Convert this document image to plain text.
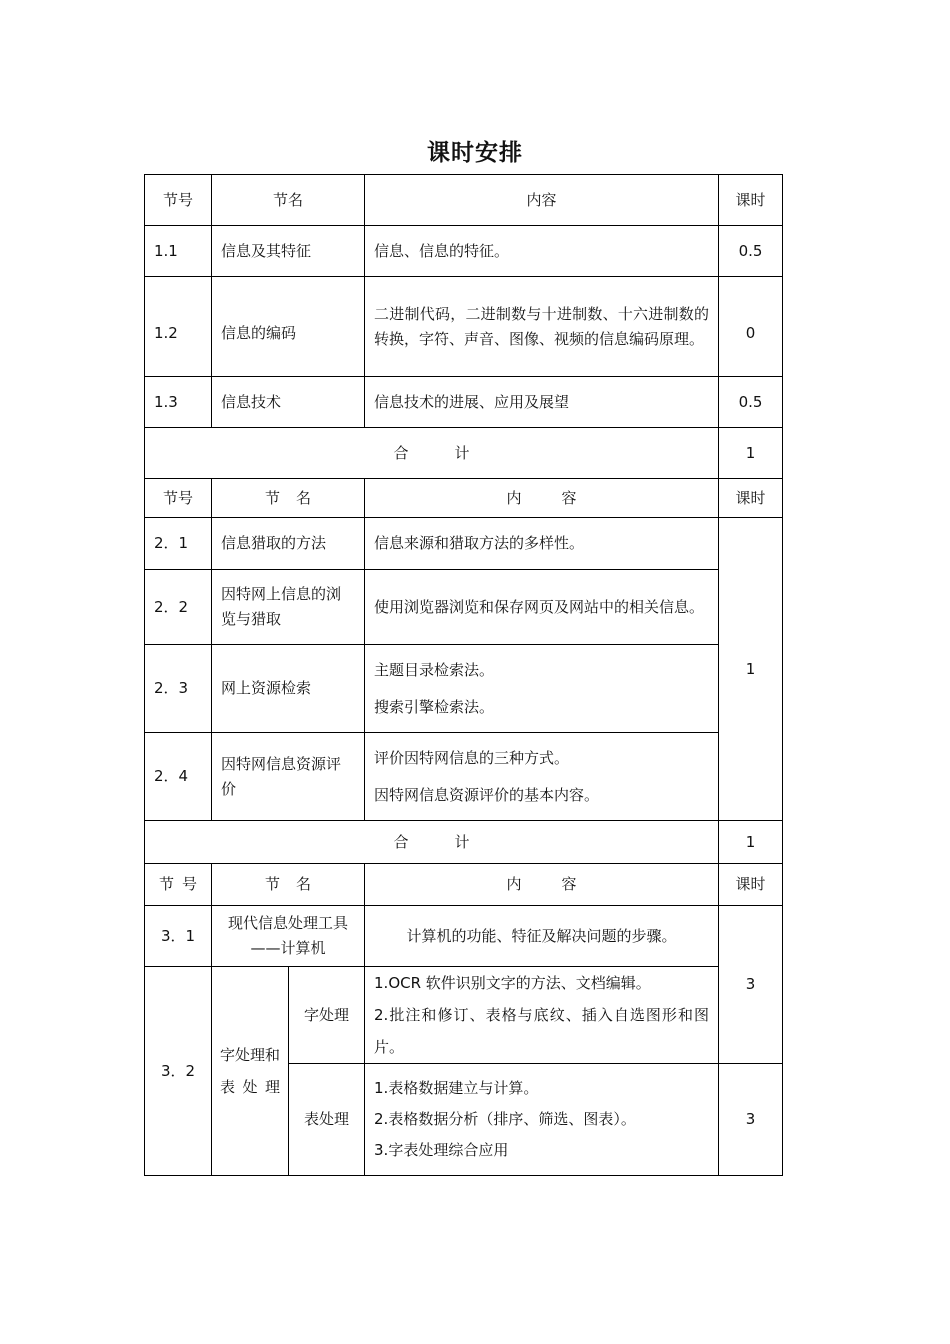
课时安排
节号	节名		内容	课时
1.1	信息及其特征		信息、信息的特征。	0.5
1.2	信息的编码		二进制代码，二进制数与十进制数、十六进制数的转换，字符、声音、图像、视频的信息编码原理。	0
1.3	信息技术		信息技术的进展、应用及展望	0.5
合 计				1
节号	节 名		内 容	课时
2．1	信息猎取的方法		信息来源和猎取方法的多样性。	1
2．2	因特网上信息的浏览与猎取		使用浏览器浏览和保存网页及网站中的相关信息。	
2．3	网上资源检索		主题目录检索法。
搜索引擎检索法。	

2．4	因特网信息资源评价		评价因特网信息的三种方式。
因特网信息资源评价的基本内容。	

合 计				1
节 号	节 名		内 容	课时
3．1	现代信息处理工具
——计算机		计算机的功能、特征及解决问题的步骤。	3
3．2	字处理和表处理	字处理	1.OCR 软件识别文字的方法、文档编辑。
2.批注和修订、表格与底纹、插入自选图形和图片。	

		表处理	1.表格数据建立与计算。
2.表格数据分析（排序、筛选、图表）。
3.字表处理综合应用	3
